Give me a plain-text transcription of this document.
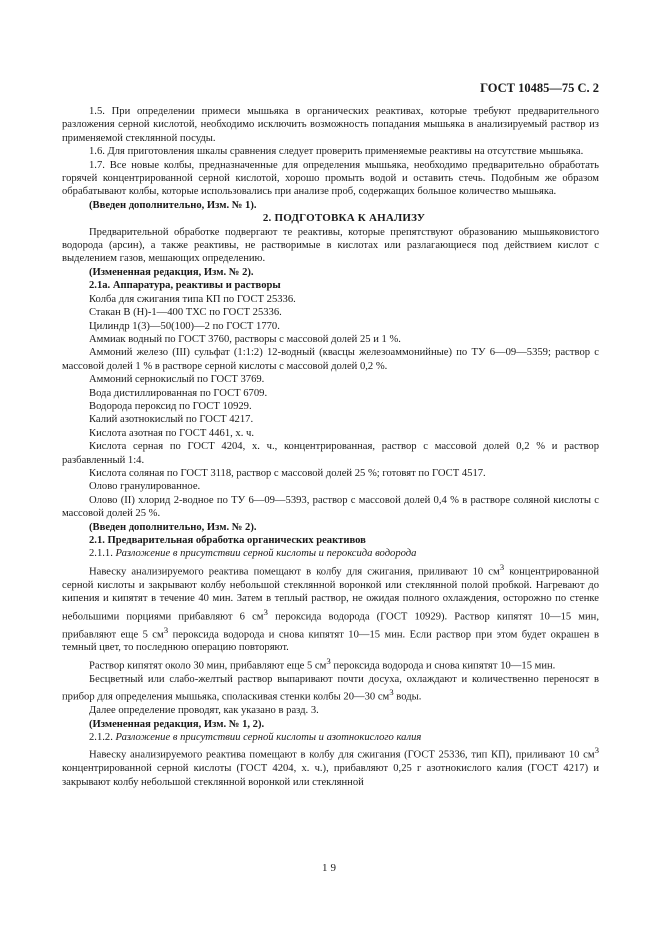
ГОСТ 10485—75 С. 2

1.5. При определении примеси мышьяка в органических реактивах, которые требуют предварительного разложения серной кислотой, необходимо исключить возможность попадания мышьяка в анализируемый раствор из применяемой стеклянной посуды.

1.6. Для приготовления шкалы сравнения следует проверить применяемые реактивы на отсутствие мышьяка.

1.7. Все новые колбы, предназначенные для определения мышьяка, необходимо предварительно обработать горячей концентрированной серной кислотой, хорошо промыть водой и оставить стечь. Подобным же образом обрабатывают колбы, которые использовались при анализе проб, содержащих большое количество мышьяка.

(Введен дополнительно, Изм. № 1).

2. ПОДГОТОВКА К АНАЛИЗУ

Предварительной обработке подвергают те реактивы, которые препятствуют образованию мышьяковистого водорода (арсин), а также реактивы, не растворимые в кислотах или разлагающиеся под действием кислот с выделением газов, мешающих определению.

(Измененная редакция, Изм. № 2).

2.1а. Аппаратура, реактивы и растворы

Колба для сжигания типа КП по ГОСТ 25336.

Стакан В (Н)-1—400 ТХС по ГОСТ 25336.

Цилиндр 1(3)—50(100)—2 по ГОСТ 1770.

Аммиак водный по ГОСТ 3760, растворы с массовой долей 25 и 1 %.

Аммоний железо (III) сульфат (1:1:2) 12-водный (квасцы железоаммонийные) по ТУ 6—09—5359; раствор с массовой долей 1 % в растворе серной кислоты с массовой долей 0,2 %.

Аммоний сернокислый по ГОСТ 3769.

Вода дистиллированная по ГОСТ 6709.

Водорода пероксид по ГОСТ 10929.

Калий азотнокислый по ГОСТ 4217.

Кислота азотная по ГОСТ 4461, х. ч.

Кислота серная по ГОСТ 4204, х. ч., концентрированная, раствор с массовой долей 0,2 % и раствор разбавленный 1:4.

Кислота соляная по ГОСТ 3118, раствор с массовой долей 25 %; готовят по ГОСТ 4517.

Олово гранулированное.

Олово (II) хлорид 2-водное по ТУ 6—09—5393, раствор с массовой долей 0,4 % в растворе соляной кислоты с массовой долей 25 %.

(Введен дополнительно, Изм. № 2).

2.1. Предварительная обработка органических реактивов

2.1.1. Разложение в присутствии серной кислоты и пероксида водорода

Навеску анализируемого реактива помещают в колбу для сжигания, приливают 10 $см^3$ концентрированной серной кислоты и закрывают колбу небольшой стеклянной воронкой или стеклянной полой пробкой. Нагревают до кипения и кипятят в течение 40 мин. Затем в теплый раствор, не ожидая полного охлаждения, осторожно по стенке небольшими порциями прибавляют 6 $см^3$ пероксида водорода (ГОСТ 10929). Раствор кипятят 10—15 мин, прибавляют еще 5 $см^3$ пероксида водорода и снова кипятят 10—15 мин. Если раствор при этом будет окрашен в темный цвет, то последнюю операцию повторяют.

Раствор кипятят около 30 мин, прибавляют еще 5 $см^3$ пероксида водорода и снова кипятят 10—15 мин.

Бесцветный или слабо-желтый раствор выпаривают почти досуха, охлаждают и количественно переносят в прибор для определения мышьяка, споласкивая стенки колбы 20—30 $см^3$ воды.

Далее определение проводят, как указано в разд. 3.

(Измененная редакция, Изм. № 1, 2).

2.1.2. Разложение в присутствии серной кислоты и азотнокислого калия

Навеску анализируемого реактива помещают в колбу для сжигания (ГОСТ 25336, тип КП), приливают 10 $см^3$ концентрированной серной кислоты (ГОСТ 4204, х. ч.), прибавляют 0,25 г азотнокислого калия (ГОСТ 4217) и закрывают колбу небольшой стеклянной воронкой или стеклянной

19
